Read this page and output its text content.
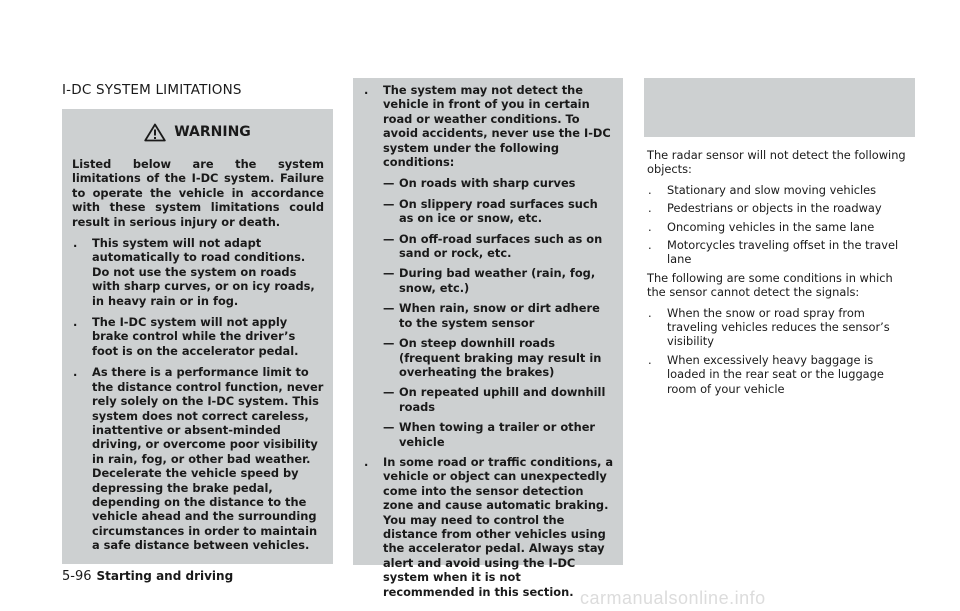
I-DC SYSTEM LIMITATIONS
WARNING

Listed below are the system limitations of the I-DC system. Failure to operate the vehicle in accordance with these system limitations could result in serious injury or death.

. This system will not adapt automatically to road conditions. Do not use the system on roads with sharp curves, or on icy roads, in heavy rain or in fog.
. The I-DC system will not apply brake control while the driver’s foot is on the accelerator pedal.
. As there is a performance limit to the distance control function, never rely solely on the I-DC system. This system does not correct careless, inattentive or absent-minded driving, or overcome poor visibility in rain, fog, or other bad weather. Decelerate the vehicle speed by depressing the brake pedal, depending on the distance to the vehicle ahead and the surrounding circumstances in order to maintain a safe distance between vehicles.
. The system may not detect the vehicle in front of you in certain road or weather conditions. To avoid accidents, never use the I-DC system under the following conditions:
— On roads with sharp curves
— On slippery road surfaces such as on ice or snow, etc.
— On off-road surfaces such as on sand or rock, etc.
— During bad weather (rain, fog, snow, etc.)
— When rain, snow or dirt adhere to the system sensor
— On steep downhill roads (frequent braking may result in overheating the brakes)
— On repeated uphill and downhill roads
— When towing a trailer or other vehicle
. In some road or traffic conditions, a vehicle or object can unexpectedly come into the sensor detection zone and cause automatic braking. You may need to control the distance from other vehicles using the accelerator pedal. Always stay alert and avoid using the I-DC system when it is not recommended in this section.

The radar sensor will not detect the following objects:

. Stationary and slow moving vehicles
. Pedestrians or objects in the roadway
. Oncoming vehicles in the same lane
. Motorcycles traveling offset in the travel lane

The following are some conditions in which the sensor cannot detect the signals:

. When the snow or road spray from traveling vehicles reduces the sensor’s visibility
. When excessively heavy baggage is loaded in the rear seat or the luggage room of your vehicle
5-96 Starting and driving
carmanualsonline.info
